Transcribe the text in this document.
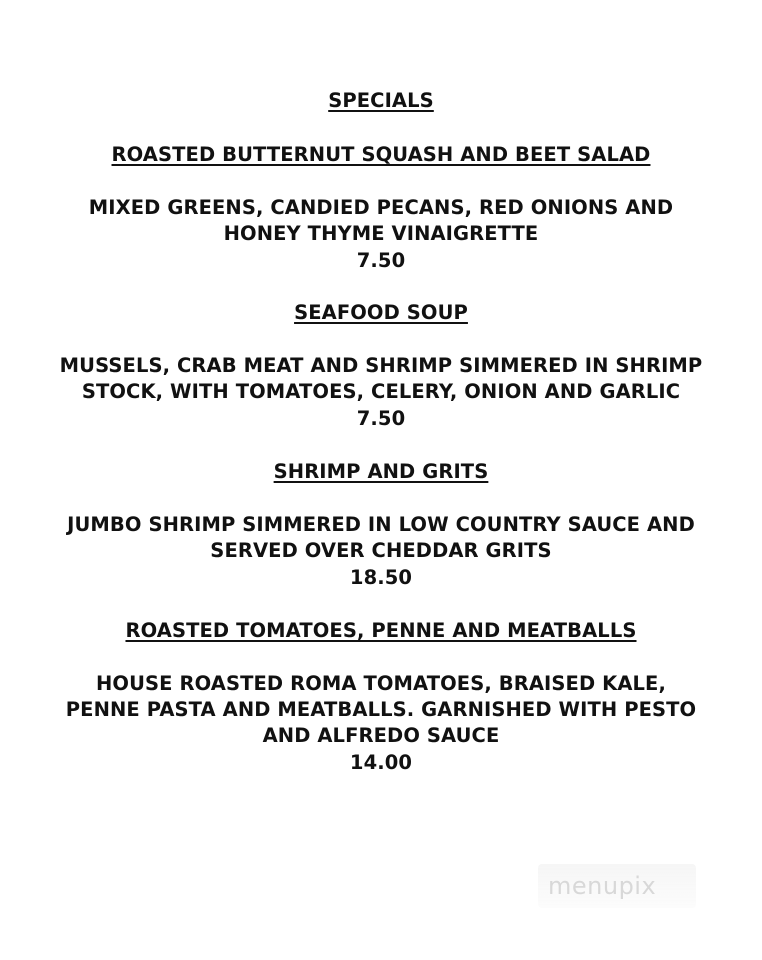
SPECIALS
ROASTED BUTTERNUT SQUASH AND BEET SALAD
MIXED GREENS, CANDIED PECANS, RED ONIONS AND
HONEY THYME VINAIGRETTE
7.50
SEAFOOD SOUP
MUSSELS, CRAB MEAT AND SHRIMP SIMMERED IN SHRIMP
STOCK, WITH TOMATOES, CELERY, ONION AND GARLIC
7.50
SHRIMP AND GRITS
JUMBO SHRIMP SIMMERED IN LOW COUNTRY SAUCE AND
SERVED OVER CHEDDAR GRITS
18.50
ROASTED TOMATOES, PENNE AND MEATBALLS
HOUSE ROASTED ROMA TOMATOES, BRAISED KALE,
PENNE PASTA AND MEATBALLS. GARNISHED WITH PESTO
AND ALFREDO SAUCE
14.00
menupix
